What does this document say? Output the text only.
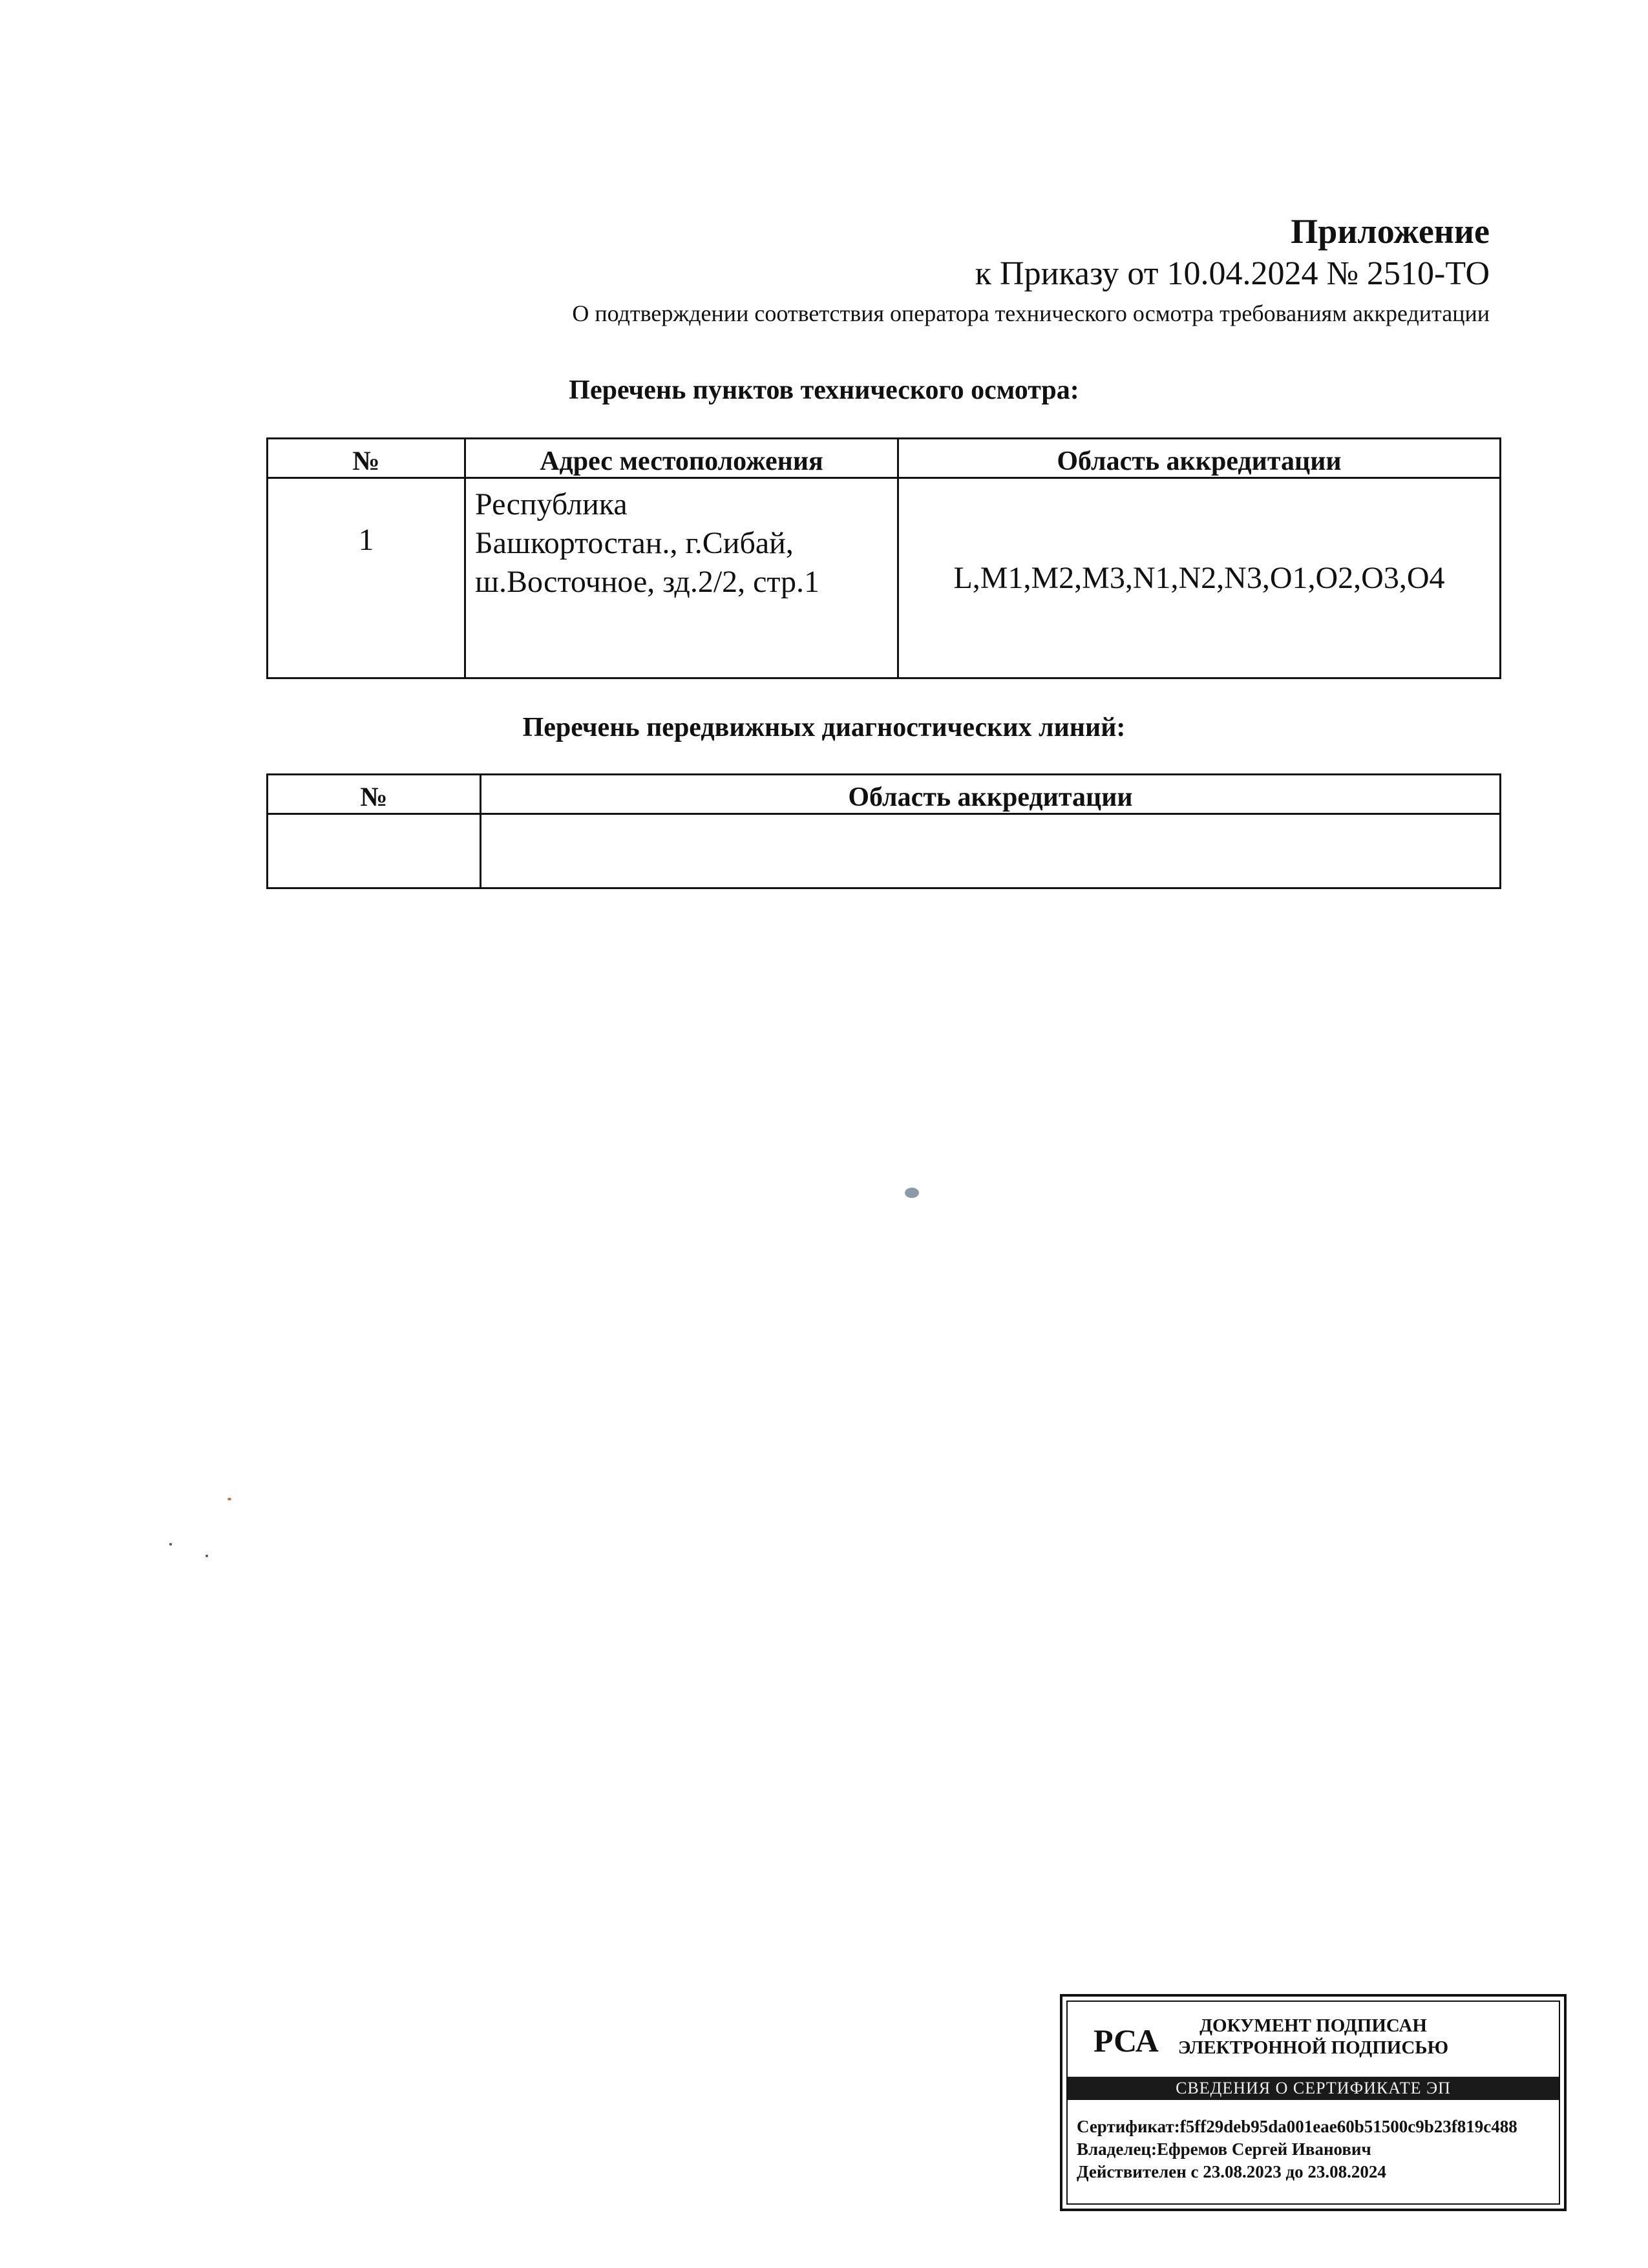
Приложение
к Приказу от 10.04.2024 № 2510-ТО
О подтверждении соответствия оператора технического осмотра требованиям аккредитации
Перечень пунктов технического осмотра:
№	Адрес местоположения	Область аккредитации
1	Республика
Башкортостан., г.Сибай,
ш.Восточное, зд.2/2, стр.1	L,M1,M2,M3,N1,N2,N3,O1,O2,O3,O4
Перечень передвижных диагностических линий:
№	Область аккредитации

РСА	ДОКУМЕНТ ПОДПИСАН
ЭЛЕКТРОННОЙ ПОДПИСЬЮ
СВЕДЕНИЯ О СЕРТИФИКАТЕ ЭП
Сертификат:f5ff29deb95da001eae60b51500c9b23f819c488
Владелец:Ефремов Сергей Иванович
Действителен с 23.08.2023 до 23.08.2024
